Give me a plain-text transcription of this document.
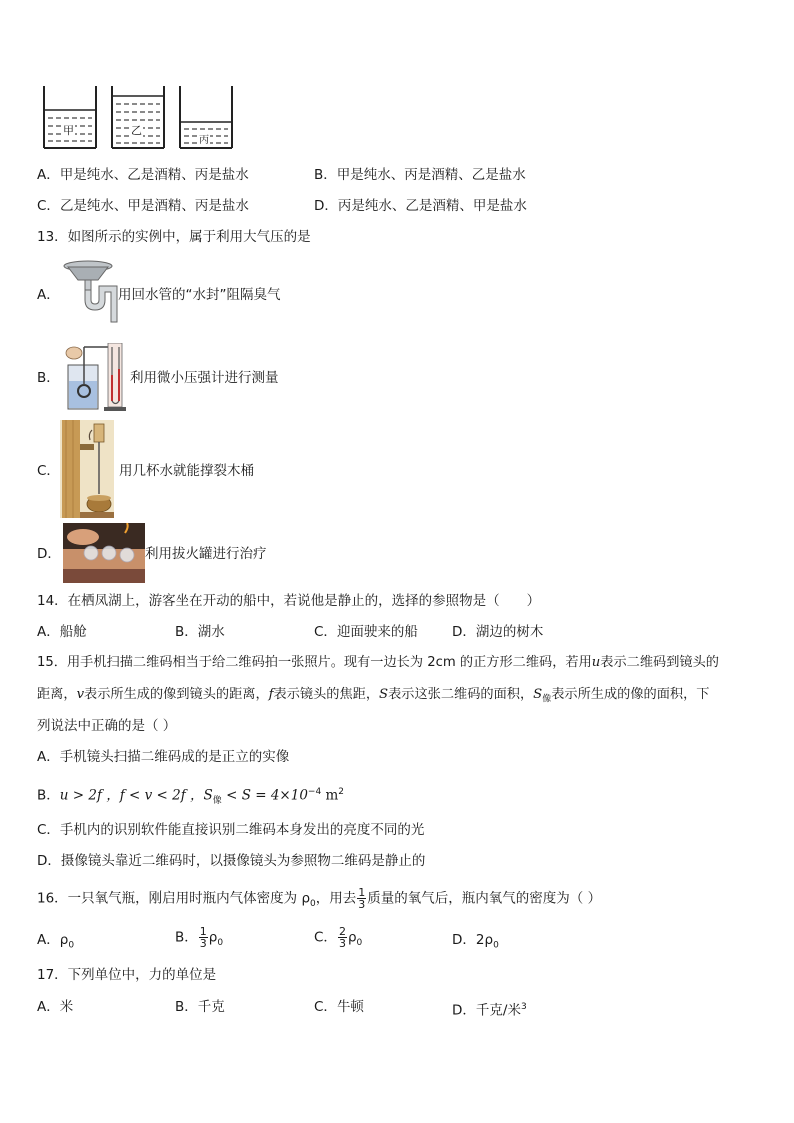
甲	乙
丙
A．甲是纯水、乙是酒精、丙是盐水	B．甲是纯水、丙是酒精、乙是盐水
C．乙是纯水、甲是酒精、丙是盐水	D．丙是纯水、乙是酒精、甲是盐水
13．如图所示的实例中，属于利用大气压的是
A．	用回水管的“水封”阻隔臭气
B．	利用微小压强计进行测量
C．	用几杯水就能撑裂木桶
D．	利用拔火罐进行治疗
14．在栖凤湖上，游客坐在开动的船中，若说他是静止的，选择的参照物是（　　）
A．船舱	B．湖水	C．迎面驶来的船	D．湖边的树木
15．用手机扫描二维码相当于给二维码拍一张照片。现有一边长为 2cm 的正方形二维码，若用u表示二维码到镜头的
距离，v表示所生成的像到镜头的距离，f表示镜头的焦距，S表示这张二维码的面积，$S_像$表示所生成的像的面积，下
列说法中正确的是（ ）
A．手机镜头扫描二维码成的是正立的实像
B．u > 2f ，f < v < 2f ，$S_像 < S = 4\times 10^{-4}$ $m^2$
C．手机内的识别软件能直接识别二维码本身发出的亮度不同的光
D．摄像镜头靠近二维码时，以摄像镜头为参照物二维码是静止的
16．一只氧气瓶，刚启用时瓶内气体密度为 $\rho_0$，用去 $\frac{1}{3}$ 质量的氧气后，瓶内氧气的密度为（ ）
A．$\rho_0$
B． $\frac{1}{3} \rho_0$	C． $\frac{2}{3} \rho_0$	D．$2\rho_0$
17．下列单位中，力的单位是
A．米	B．千克	C．牛顿	D．千克/米$^3$
